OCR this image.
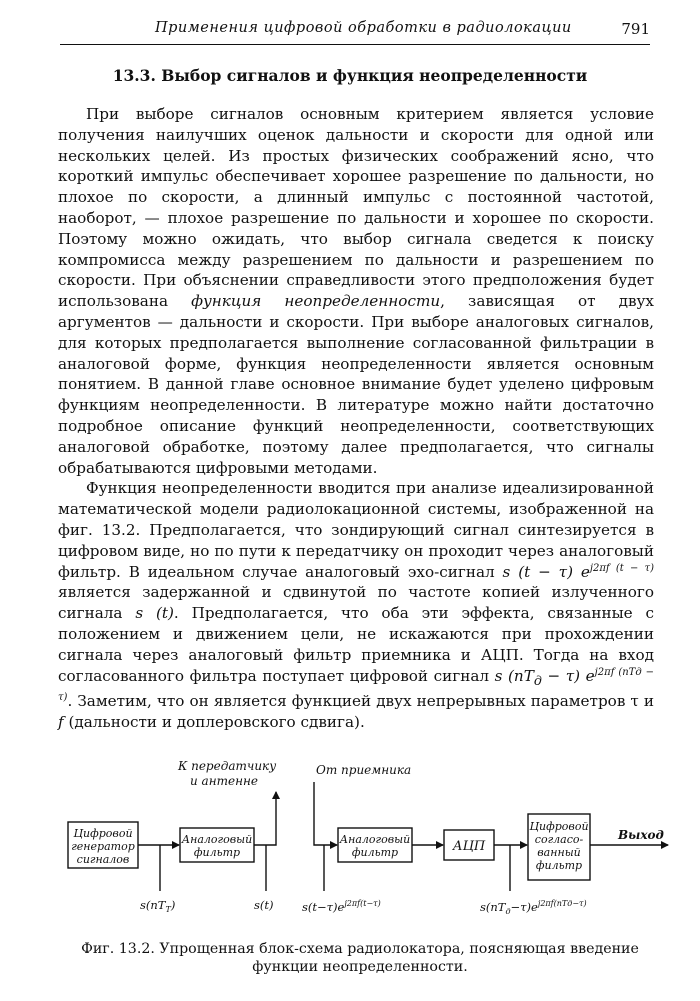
Применения цифровой обработки в радиолокации	791
13.3. Выбор сигналов и функция неопределенности

При выборе сигналов основным критерием является условие получения наилучших оценок дальности и скорости для одной или нескольких целей. Из простых физических соображений ясно, что короткий импульс обеспечивает хорошее разрешение по дальности, но плохое по скорости, а длинный импульс с постоянной частотой, наоборот, — плохое разрешение по дальности и хорошее по скорости. Поэтому можно ожидать, что выбор сигнала сведется к поиску компромисса между разрешением по дальности и разрешением по скорости. При объяснении справедливости этого предположения будет использована функция неопределенности, зависящая от двух аргументов — дальности и скорости. При выборе аналоговых сигналов, для которых предполагается выполнение согласованной фильтрации в аналоговой форме, функция неопределенности является основным понятием. В данной главе основное внимание будет уделено цифровым функциям неопределенности. В литературе можно найти достаточно подробное описание функций неопределенности, соответствующих аналоговой обработке, поэтому далее предполагается, что сигналы обрабатываются цифровыми методами.

Функция неопределенности вводится при анализе идеализированной математической модели радиолокационной системы, изображенной на фиг. 13.2. Предполагается, что зондирующий сигнал синтезируется в цифровом виде, но по пути к передатчику он проходит через аналоговый фильтр. В идеальном случае аналоговый эхо-сигнал s (t − τ) $e^{j2\pi f (t - \tau)}$ является задержанной и сдвинутой по частоте копией излученного сигнала s (t). Предполагается, что оба эти эффекта, связанные с положением и движением цели, не искажаются при прохождении сигнала через аналоговый фильтр приемника и АЦП. Тогда на вход согласованного фильтра поступает цифровой сигнал s $(nT_д - \tau)$ $e^{j2\pi f (nTд - \tau)}$. Заметим, что он является функцией двух непрерывных параметров τ и f (дальности и доплеровского сдвига).

К передатчику
и антенне
От приемника
Выход
Цифровой
генератор
сигналов
Аналоговый
фильтр
Аналоговый
фильтр	АЦП
Цифровой
согласо-
ванный
фильтр
$s(nT_T)$	s(t) $s(t-\tau)e^{j2\pi f(t-\tau)}$	$s(nT_д-\tau)e^{j2\pi f(nTд-\tau)}$
Фиг. 13.2. Упрощенная блок-схема радиолокатора, поясняющая введение
функции неопределенности.
